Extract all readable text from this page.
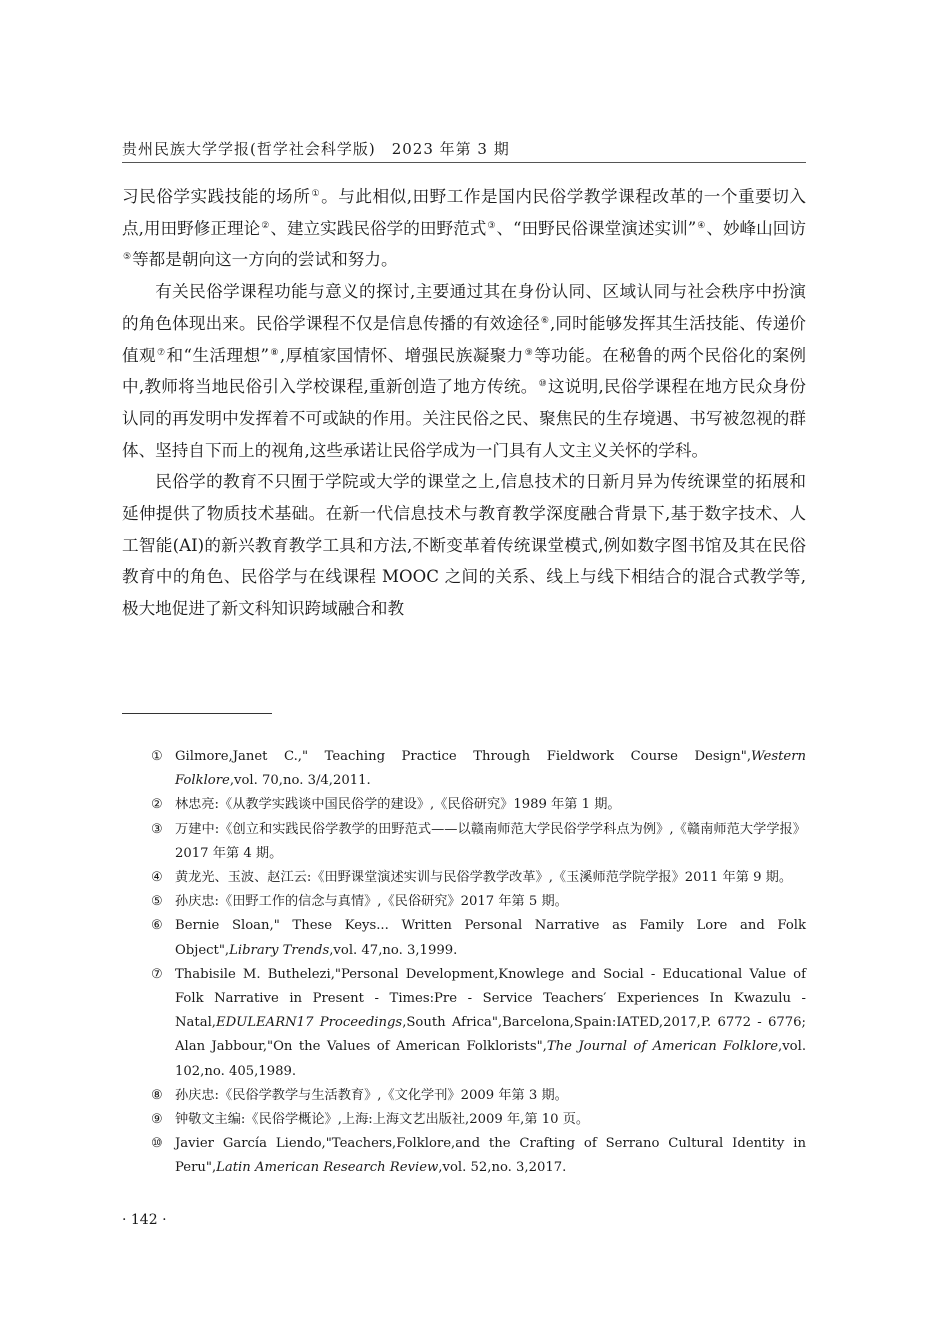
贵州民族大学学报(哲学社会科学版)　2023 年第 3 期

习民俗学实践技能的场所①。与此相似,田野工作是国内民俗学教学课程改革的一个重要切入点,用田野修正理论②、建立实践民俗学的田野范式③、“田野民俗课堂演述实训”④、妙峰山回访⑤等都是朝向这一方向的尝试和努力。

有关民俗学课程功能与意义的探讨,主要通过其在身份认同、区域认同与社会秩序中扮演的角色体现出来。民俗学课程不仅是信息传播的有效途径⑥,同时能够发挥其生活技能、传递价值观⑦和“生活理想”⑧,厚植家国情怀、增强民族凝聚力⑨等功能。在秘鲁的两个民俗化的案例中,教师将当地民俗引入学校课程,重新创造了地方传统。⑩这说明,民俗学课程在地方民众身份认同的再发明中发挥着不可或缺的作用。关注民俗之民、聚焦民的生存境遇、书写被忽视的群体、坚持自下而上的视角,这些承诺让民俗学成为一门具有人文主义关怀的学科。

民俗学的教育不只囿于学院或大学的课堂之上,信息技术的日新月异为传统课堂的拓展和延伸提供了物质技术基础。在新一代信息技术与教育教学深度融合背景下,基于数字技术、人工智能(AI)的新兴教育教学工具和方法,不断变革着传统课堂模式,例如数字图书馆及其在民俗教育中的角色、民俗学与在线课程 MOOC 之间的关系、线上与线下相结合的混合式教学等,极大地促进了新文科知识跨域融合和教

① Gilmore,Janet C.," Teaching Practice Through Fieldwork Course Design",Western Folklore,vol. 70,no. 3/4,2011.

② 林忠亮:《从教学实践谈中国民俗学的建设》,《民俗研究》1989 年第 1 期。

③ 万建中:《创立和实践民俗学教学的田野范式——以赣南师范大学民俗学学科点为例》,《赣南师范大学学报》2017 年第 4 期。

④ 黄龙光、玉波、赵江云:《田野课堂演述实训与民俗学教学改革》,《玉溪师范学院学报》2011 年第 9 期。

⑤ 孙庆忠:《田野工作的信念与真情》,《民俗研究》2017 年第 5 期。

⑥ Bernie Sloan," These Keys... Written Personal Narrative as Family Lore and Folk Object",Library Trends,vol. 47,no. 3,1999.

⑦ Thabisile M. Buthelezi,"Personal Development,Knowlege and Social - Educational Value of Folk Narrative in Present - Times:Pre - Service Teachers′ Experiences In Kwazulu - Natal,EDULEARN17 Proceedings,South Africa",Barcelona,Spain:IATED,2017,P. 6772 - 6776; Alan Jabbour,"On the Values of American Folklorists",The Journal of American Folklore,vol. 102,no. 405,1989.

⑧ 孙庆忠:《民俗学教学与生活教育》,《文化学刊》2009 年第 3 期。

⑨ 钟敬文主编:《民俗学概论》,上海:上海文艺出版社,2009 年,第 10 页。

⑩ Javier García Liendo,"Teachers,Folklore,and the Crafting of Serrano Cultural Identity in Peru",Latin American Research Review,vol. 52,no. 3,2017.

· 142 ·
